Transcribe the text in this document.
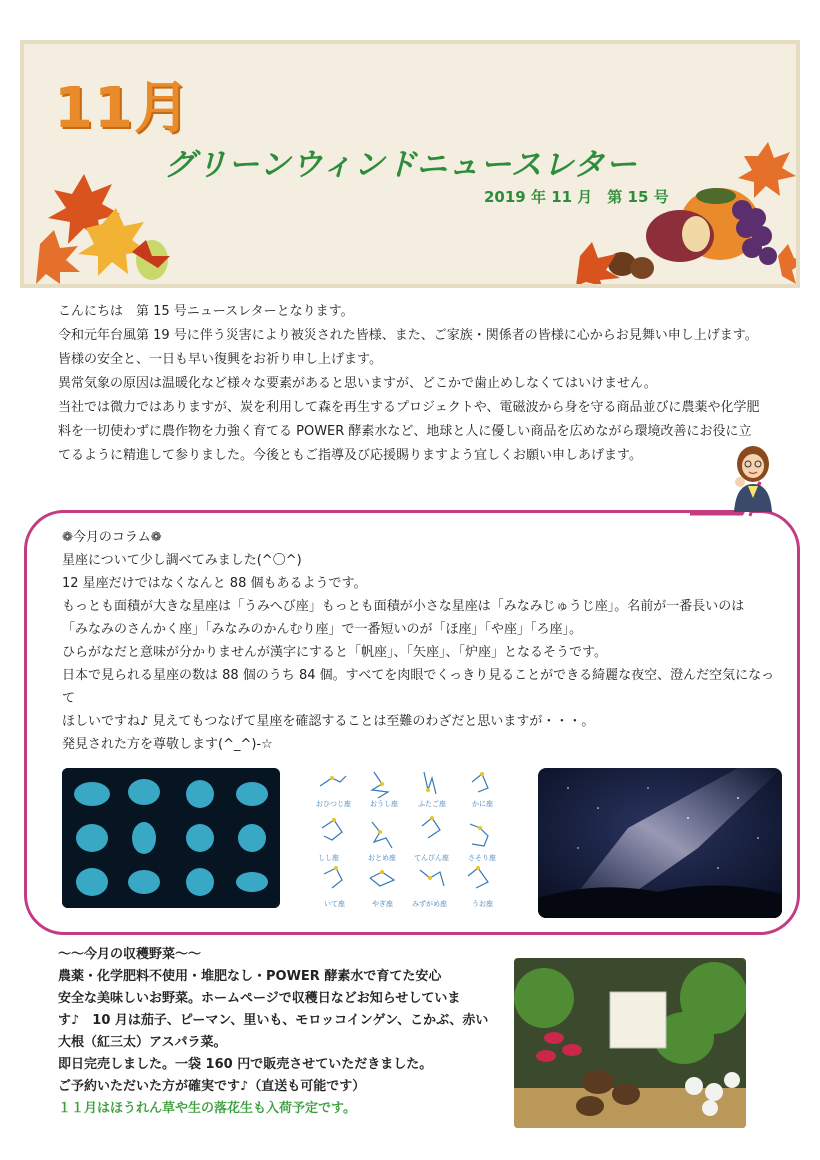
11月
グリーンウィンドニュースレター
2019 年 11 月　第 15 号

こんにちは　第 15 号ニュースレターとなります。

令和元年台風第 19 号に伴う災害により被災された皆様、また、ご家族・関係者の皆様に心からお見舞い申し上げます。

皆様の安全と、一日も早い復興をお祈り申し上げます。

異常気象の原因は温暖化など様々な要素があると思いますが、どこかで歯止めしなくてはいけません。

当社では微力ではありますが、炭を利用して森を再生するプロジェクトや、電磁波から身を守る商品並びに農薬や化学肥

料を一切使わずに農作物を力強く育てる POWER 酵素水など、地球と人に優しい商品を広めながら環境改善にお役に立

てるように精進して参りました。今後ともご指導及び応援賜りますよう宜しくお願い申しあげます。

❁今月のコラム❁

星座について少し調べてみました(^〇^)

12 星座だけではなくなんと 88 個もあるようです。

もっとも面積が大きな星座は「うみへび座」もっとも面積が小さな星座は「みなみじゅうじ座」。名前が一番長いのは

「みなみのさんかく座」「みなみのかんむり座」で一番短いのが「ほ座」「や座」「ろ座」。

ひらがなだと意味が分かりませんが漢字にすると「帆座」、「矢座」、「炉座」となるそうです。

日本で見られる星座の数は 88 個のうち 84 個。すべてを肉眼でくっきり見ることができる綺麗な夜空、澄んだ空気になって

ほしいですね♪ 見えてもつなげて星座を確認することは至難のわざだと思いますが・・・。

発見された方を尊敬します(^_^)-☆

おひつじ座	おうし座	ふたご座	かに座
しし座	おとめ座	てんびん座	さそり座
いて座	やぎ座	みずがめ座	うお座

～～今月の収穫野菜～～

農薬・化学肥料不使用・堆肥なし・POWER 酵素水で育てた安心

安全な美味しいお野菜。ホームページで収穫日などお知らせしていま

す♪　10 月は茄子、ピーマン、里いも、モロッコインゲン、こかぶ、赤い

大根（紅三太）アスパラ菜。

即日完売しました。一袋 160 円で販売させていただきました。

ご予約いただいた方が確実です♪（直送も可能です）

１１月はほうれん草や生の落花生も入荷予定です。
